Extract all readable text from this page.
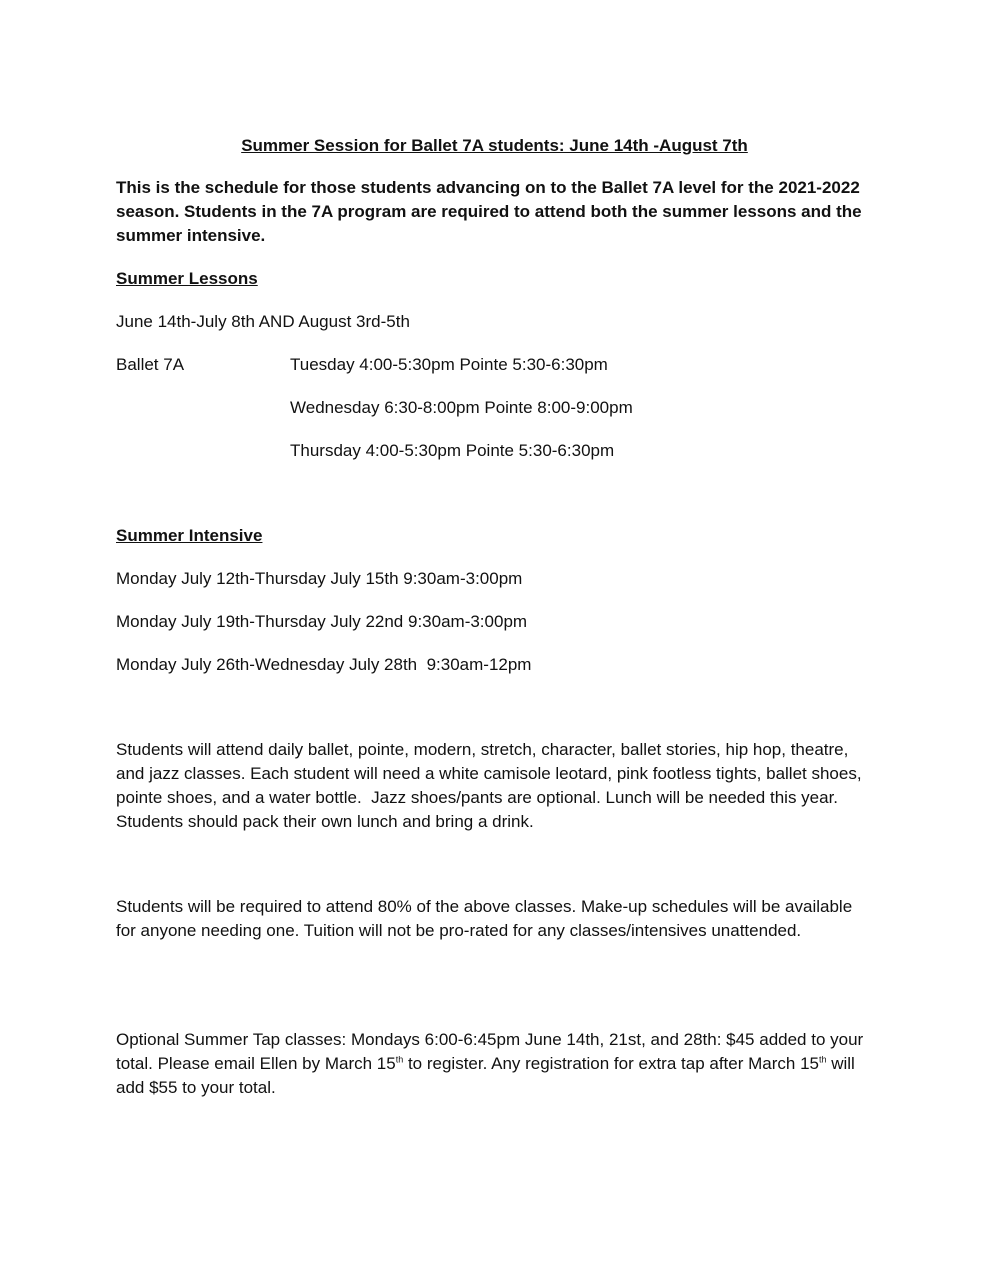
Summer Session for Ballet 7A students: June 14th -August 7th
This is the schedule for those students advancing on to the Ballet 7A level for the 2021-2022 season. Students in the 7A program are required to attend both the summer lessons and the summer intensive.
Summer Lessons
June 14th-July 8th AND August 3rd-5th
Ballet 7A	Tuesday 4:00-5:30pm Pointe 5:30-6:30pm
Wednesday 6:30-8:00pm Pointe 8:00-9:00pm
Thursday 4:00-5:30pm Pointe 5:30-6:30pm
Summer Intensive
Monday July 12th-Thursday July 15th 9:30am-3:00pm
Monday July 19th-Thursday July 22nd 9:30am-3:00pm
Monday July 26th-Wednesday July 28th  9:30am-12pm
Students will attend daily ballet, pointe, modern, stretch, character, ballet stories, hip hop, theatre, and jazz classes. Each student will need a white camisole leotard, pink footless tights, ballet shoes, pointe shoes, and a water bottle.  Jazz shoes/pants are optional. Lunch will be needed this year. Students should pack their own lunch and bring a drink.
Students will be required to attend 80% of the above classes. Make-up schedules will be available for anyone needing one. Tuition will not be pro-rated for any classes/intensives unattended.
Optional Summer Tap classes: Mondays 6:00-6:45pm June 14th, 21st, and 28th: $45 added to your total. Please email Ellen by March 15th to register. Any registration for extra tap after March 15th will add $55 to your total.
